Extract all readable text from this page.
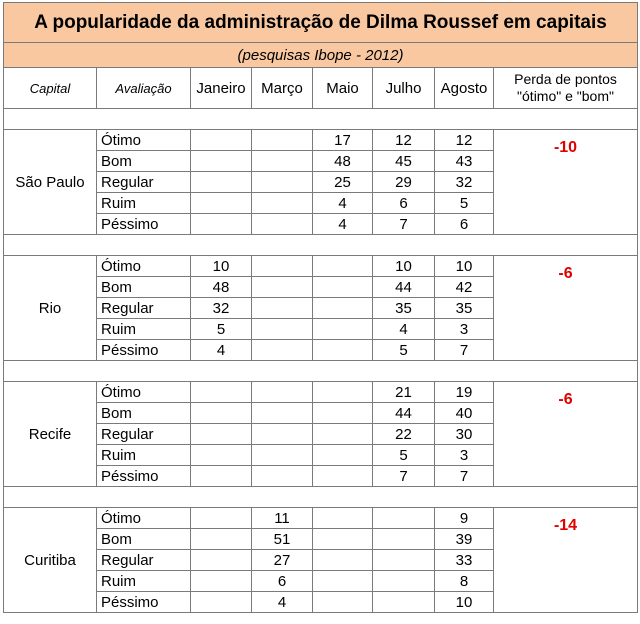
A popularidade da administração de Dilma Roussef em capitais							
(pesquisas Ibope - 2012)							
Capital	Avaliação	Janeiro	Março	Maio	Julho	Agosto	Perda de pontos "ótimo" e "bom"

São Paulo	Ótimo			17	12	12	-10
	Bom			48	45	43	
	Regular			25	29	32	
	Ruim			4	6	5	
	Péssimo			4	7	6	

Rio	Ótimo	10			10	10	-6
	Bom	48			44	42	
	Regular	32			35	35	
	Ruim	5			4	3	
	Péssimo	4			5	7	

Recife	Ótimo				21	19	-6
	Bom				44	40	
	Regular				22	30	
	Ruim				5	3	
	Péssimo				7	7	

Curitiba	Ótimo		11			9	-14
	Bom		51			39	
	Regular		27			33	
	Ruim		6			8	
	Péssimo		4			10	
